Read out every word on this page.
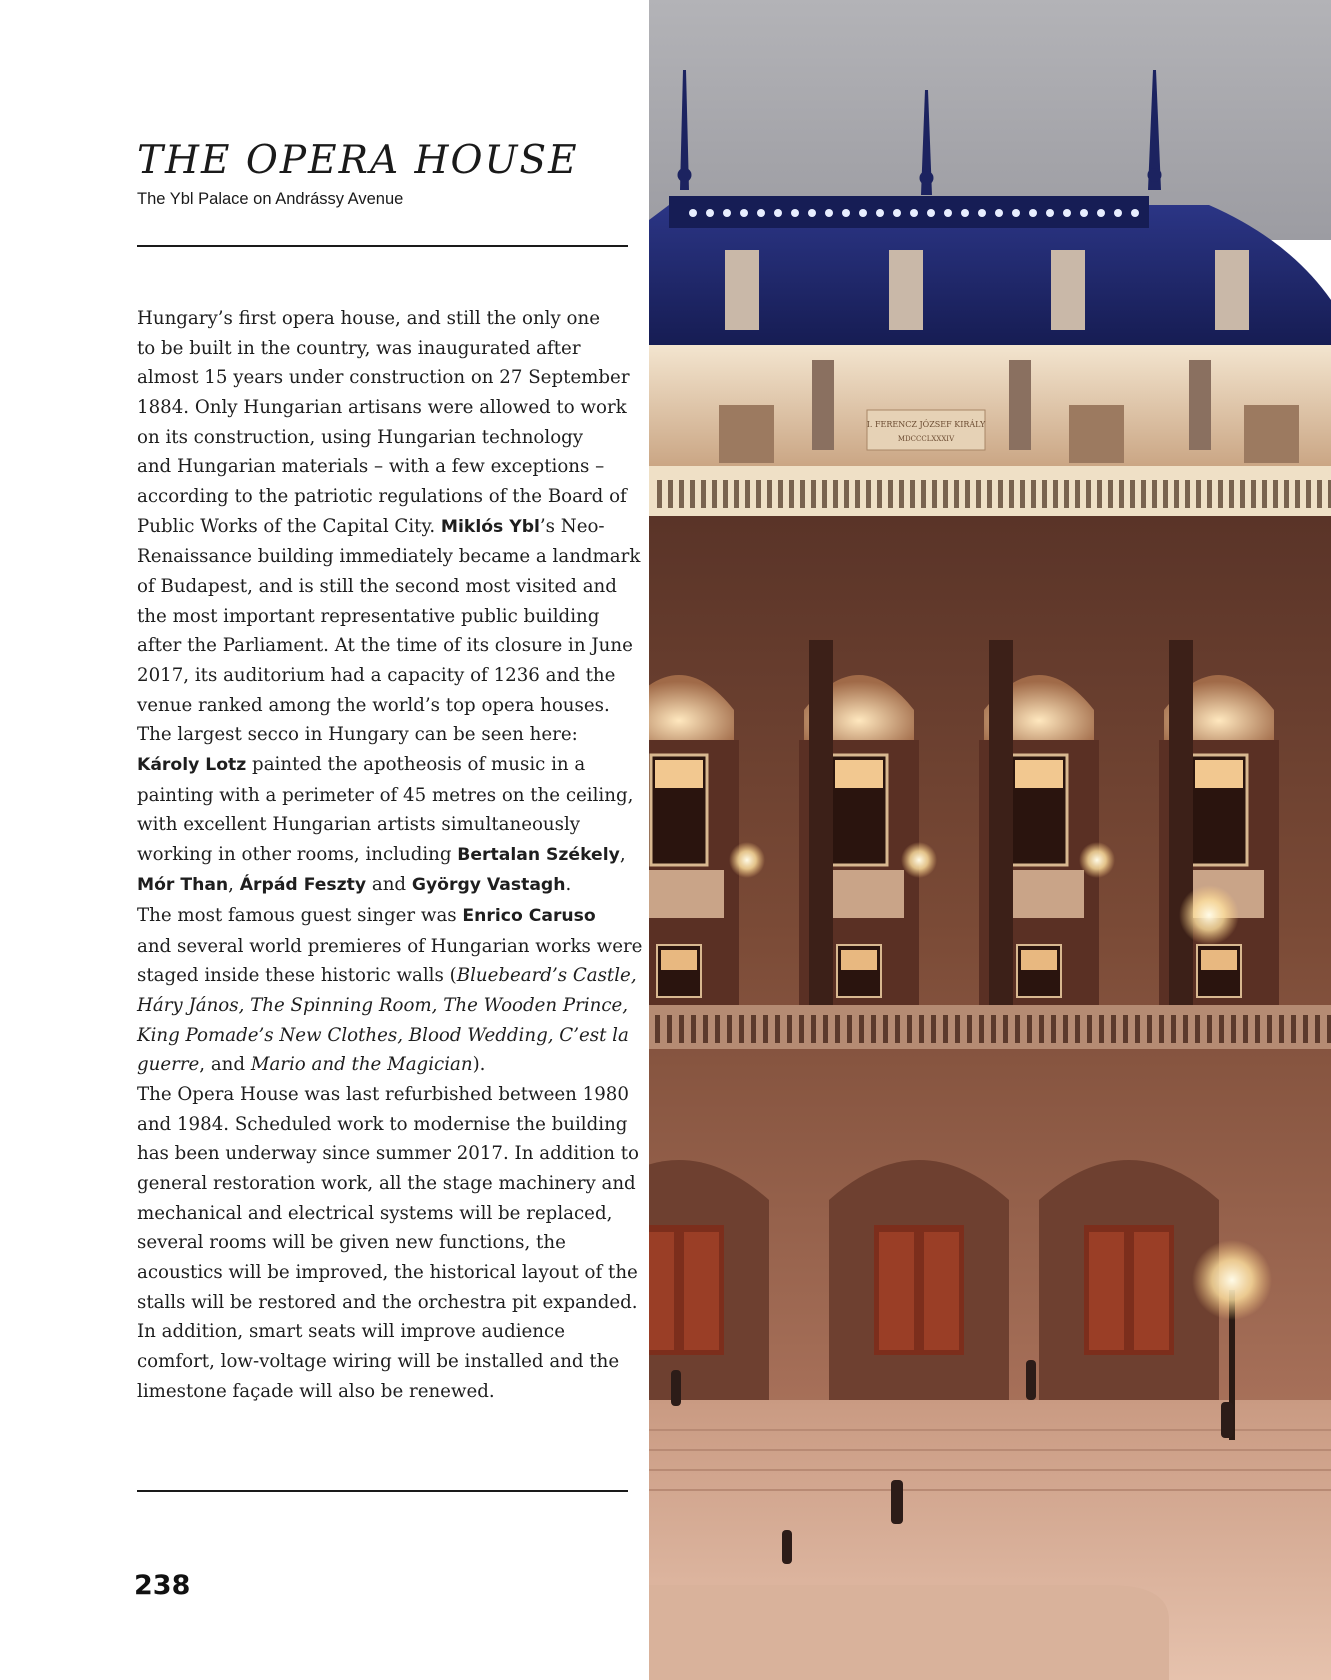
THE OPERA HOUSE
The Ybl Palace on Andrássy Avenue
Hungary’s first opera house, and still the only one
to be built in the country, was inaugurated after
almost 15 years under construction on 27 September
1884. Only Hungarian artisans were allowed to work
on its construction, using Hungarian technology
and Hungarian materials – with a few exceptions –
according to the patriotic regulations of the Board of
Public Works of the Capital City. Miklós Ybl’s Neo-
Renaissance building immediately became a landmark
of Budapest, and is still the second most visited and
the most important representative public building
after the Parliament. At the time of its closure in June
2017, its auditorium had a capacity of 1236 and the
venue ranked among the world’s top opera houses.
The largest secco in Hungary can be seen here:
Károly Lotz painted the apotheosis of music in a
painting with a perimeter of 45 metres on the ceiling,
with excellent Hungarian artists simultaneously
working in other rooms, including Bertalan Székely,
Mór Than, Árpád Feszty and György Vastagh.
The most famous guest singer was Enrico Caruso
and several world premieres of Hungarian works were
staged inside these historic walls (Bluebeard’s Castle,
Háry János, The Spinning Room, The Wooden Prince,
King Pomade’s New Clothes, Blood Wedding, C’est la
guerre, and Mario and the Magician).
The Opera House was last refurbished between 1980
and 1984. Scheduled work to modernise the building
has been underway since summer 2017. In addition to
general restoration work, all the stage machinery and
mechanical and electrical systems will be replaced,
several rooms will be given new functions, the
acoustics will be improved, the historical layout of the
stalls will be restored and the orchestra pit expanded.
In addition, smart seats will improve audience
comfort, low-voltage wiring will be installed and the
limestone façade will also be renewed.
238
I. FERENCZ JÓZSEF KIRÁLY
MDCCCLXXXIV
